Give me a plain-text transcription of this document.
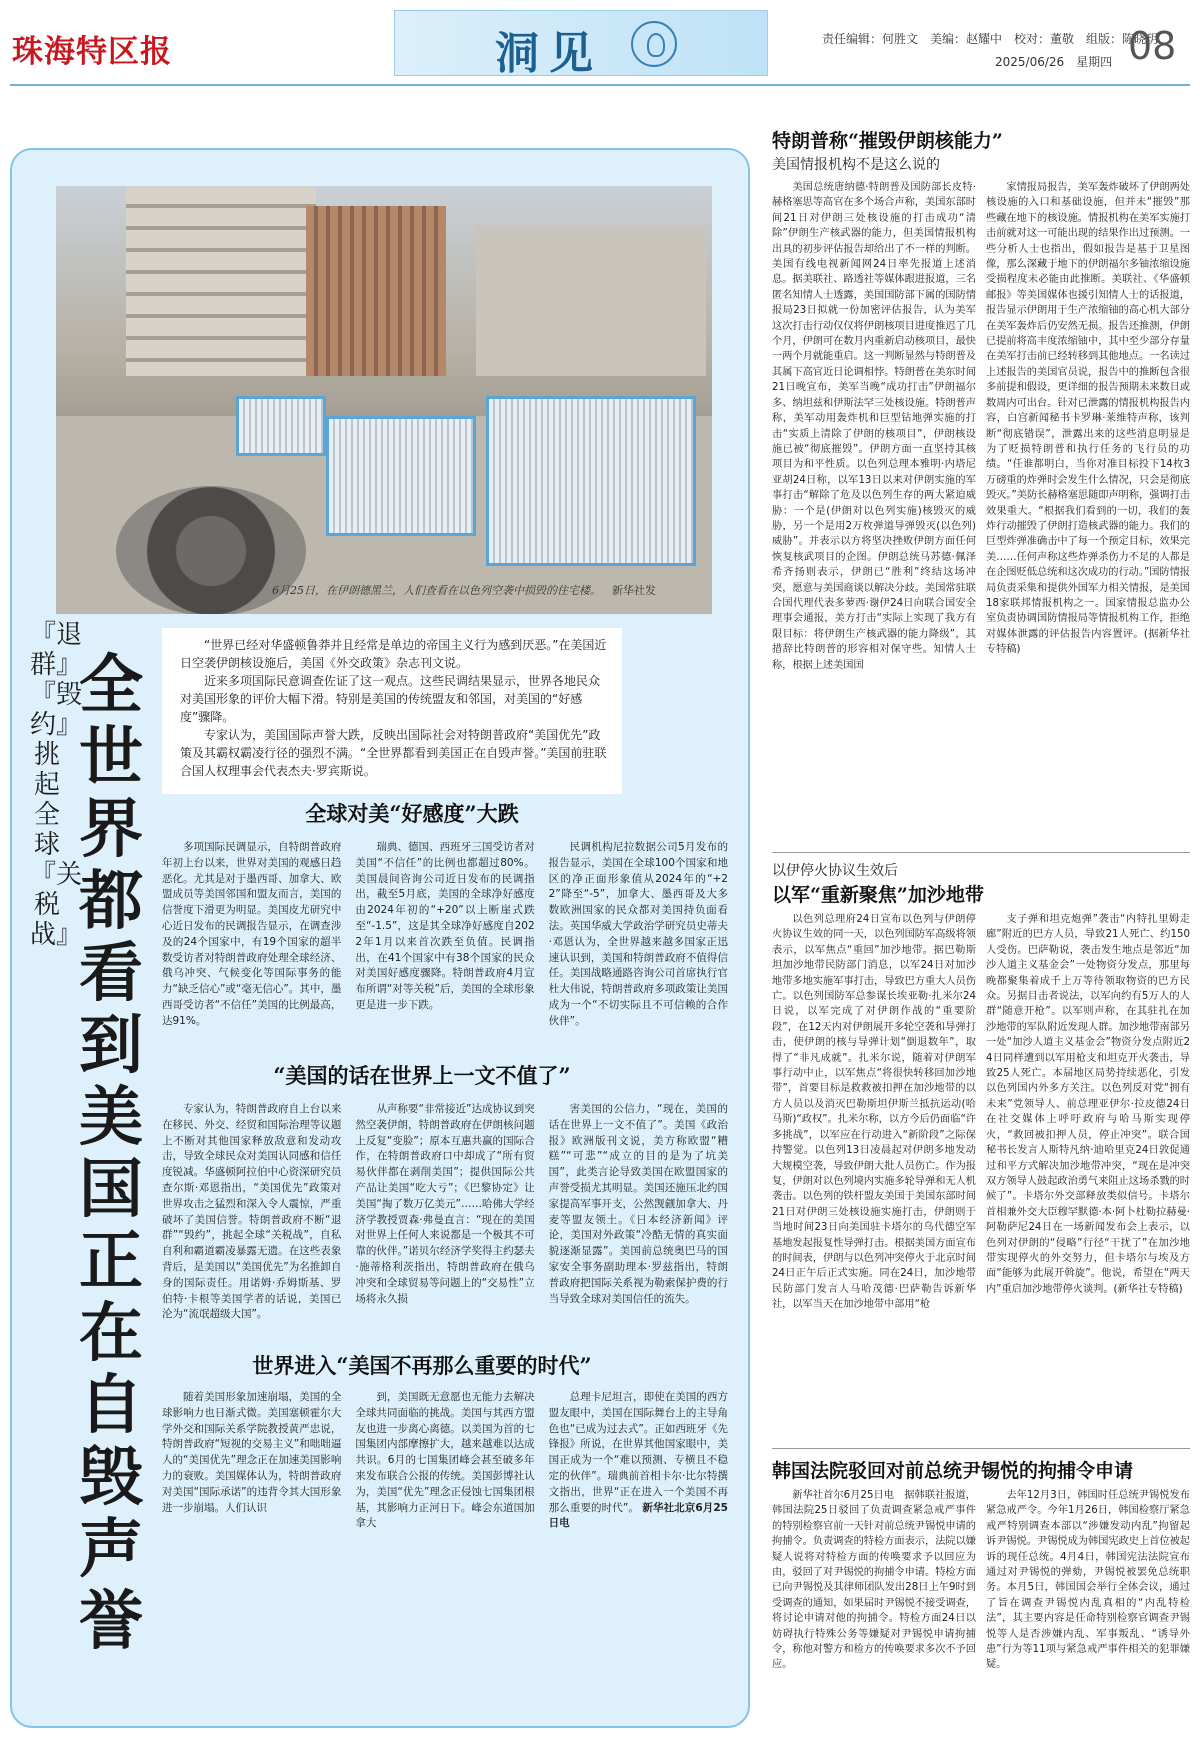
珠海特区报	洞见	责任编辑：何胜文　美编：赵耀中　校对：董敬　组版：陈晓玥
2025/06/26　星期四 08
6月25日，在伊朗德黑兰，人们查看在以色列空袭中损毁的住宅楼。 新华社发
『退群』『毁约』挑起全球『关税战』
全世界都看到美国正在自毁声誉

“世界已经对华盛顿鲁莽并且经常是单边的帝国主义行为感到厌恶。”在美国近日空袭伊朗核设施后，美国《外交政策》杂志刊文说。

近来多项国际民意调查佐证了这一观点。这些民调结果显示，世界各地民众对美国形象的评价大幅下滑。特别是美国的传统盟友和邻国，对美国的“好感度”骤降。

专家认为，美国国际声誉大跌，反映出国际社会对特朗普政府“美国优先”政策及其霸权霸凌行径的强烈不满。“全世界都看到美国正在自毁声誉。”美国前驻联合国人权理事会代表杰夫·罗宾斯说。

全球对美“好感度”大跌
多项国际民调显示，自特朗普政府年初上台以来，世界对美国的观感日趋恶化。尤其是对于墨西哥、加拿大、欧盟成员等美国邻国和盟友而言，美国的信誉度下滑更为明显。美国皮尤研究中心近日发布的民调报告显示，在调查涉及的24个国家中，有19个国家的超半数受访者对特朗普政府处理全球经济、俄乌冲突、气候变化等国际事务的能力“缺乏信心”或“毫无信心”。其中，墨西哥受访者“不信任”美国的比例最高，达91%。
瑞典、德国、西班牙三国受访者对美国“不信任”的比例也都超过80%。美国晨间咨询公司近日发布的民调指出，截至5月底，美国的全球净好感度由2024年初的“+20”以上断崖式跌至“-1.5”，这是其全球净好感度自2022年1月以来首次跌至负值。民调指出，在41个国家中有38个国家的民众对美国好感度骤降。特朗普政府4月宣布所谓“对等关税”后，美国的全球形象更是进一步下跌。
民调机构尼拉数据公司5月发布的报告显示，美国在全球100个国家和地区的净正面形象值从2024年的“+22”降至“-5”，加拿大、墨西哥及大多数欧洲国家的民众都对美国持负面看法。英国华威大学政治学研究员史蒂夫·邓恩认为，全世界越来越多国家正迅速认识到，美国和特朗普政府不值得信任。美国战略通路咨询公司首席执行官杜大伟说，特朗普政府多项政策让美国成为一个“不切实际且不可信赖的合作伙伴”。
“美国的话在世界上一文不值了”
专家认为，特朗普政府自上台以来在移民、外交、经贸和国际治理等议题上不断对其他国家释放敌意和发动攻击，导致全球民众对美国认同感和信任度锐减。华盛顿阿拉伯中心资深研究员查尔斯·邓恩指出，“美国优先”政策对世界攻击之猛烈和深入令人震惊，严重破坏了美国信誉。特朗普政府不断“退群”“毁约”，挑起全球“关税战”，自私自利和霸道霸凌暴露无遗。在这些表象背后，是美国以“美国优先”为名推卸自身的国际责任。用诺姆·乔姆斯基、罗伯特·卡根等美国学者的话说，美国已沦为“流氓超级大国”。
从声称要“非常接近”达成协议到突然空袭伊朗，特朗普政府在伊朗核问题上反复“变脸”；原本互惠共赢的国际合作，在特朗普政府口中却成了“所有贸易伙伴都在剥削美国”；提供国际公共产品让美国“吃大亏”；《巴黎协定》让美国“掏了数万亿美元”……哈佛大学经济学教授贾森·弗曼直言：“现在的美国对世界上任何人来说都是一个极其不可靠的伙伴。”诺贝尔经济学奖得主约瑟夫·施蒂格利茨指出，特朗普政府在俄乌冲突和全球贸易等问题上的“交易性”立场将永久损
害美国的公信力，“现在，美国的话在世界上一文不值了”。美国《政治报》欧洲版刊文说，美方称欧盟“糟糕”“可悲”“成立的目的是为了坑美国”，此类言论导致美国在欧盟国家的声誉受损尤其明显。美国还施压北约国家提高军事开支，公然觊觎加拿大、丹麦等盟友领土。《日本经济新闻》评论，美国对外政策“冷酷无情的真实面貌逐渐显露”。美国前总统奥巴马的国家安全事务副助理本·罗兹指出，特朗普政府把国际关系视为勒索保护费的行当导致全球对美国信任的流失。
世界进入“美国不再那么重要的时代”
随着美国形象加速崩塌，美国的全球影响力也日渐式微。美国塞顿霍尔大学外交和国际关系学院教授黄严忠说，特朗普政府“短视的交易主义”和咄咄逼人的“美国优先”理念正在加速美国影响力的衰败。美国媒体认为，特朗普政府对美国“国际承诺”的违背令其大国形象进一步崩塌。人们认识
到，美国既无意愿也无能力去解决全球共同面临的挑战。美国与其西方盟友也进一步离心离德。以美国为首的七国集团内部摩擦扩大，越来越难以达成共识。6月的七国集团峰会甚至破多年来发布联合公报的传统。美国彭博社认为，美国“优先”理念正侵蚀七国集团根基，其影响力正河日下。峰会东道国加拿大
总理卡尼坦言，即使在美国的西方盟友眼中，美国在国际舞台上的主导角色也“已成为过去式”。正如西班牙《先锋报》所说，在世界其他国家眼中，美国正成为一个“难以预测、专横且不稳定的伙伴”。瑞典前首相卡尔·比尔特撰文指出，世界“正在进入一个美国不再那么重要的时代”。 新华社北京6月25日电
特朗普称“摧毁伊朗核能力”
美国情报机构不是这么说的
美国总统唐纳德·特朗普及国防部长皮特·赫格塞思等高官在多个场合声称，美国东部时间21日对伊朗三处核设施的打击成功“清除”伊朗生产核武器的能力，但美国情报机构出具的初步评估报告却给出了不一样的判断。美国有线电视新闻网24日率先报道上述消息。据美联社、路透社等媒体跟进报道，三名匿名知情人士透露，美国国防部下属的国防情报局23日拟就一份加密评估报告，认为美军这次打击行动仅仅将伊朗核项目进度推迟了几个月，伊朗可在数月内重新启动核项目，最快一两个月就能重启。这一判断显然与特朗普及其属下高官近日论调相悖。特朗普在美东时间21日晚宣布，美军当晚“成功打击”伊朗福尔多、纳坦兹和伊斯法罕三处核设施。特朗普声称，美军动用轰炸机和巨型钻地弹实施的打击“实质上清除了伊朗的核项目”，伊朗核设施已被“彻底摧毁”。伊朗方面一直坚持其核项目为和平性质。以色列总理本雅明·内塔尼亚胡24日称，以军13日以来对伊朗实施的军事打击“解除了危及以色列生存的两大紧迫威胁：一个是(伊朗对以色列实施)核毁灭的威胁，另一个是用2万枚弹道导弹毁灭(以色列)威胁”。并表示以方将坚决挫败伊朗方面任何恢复核武项目的企图。伊朗总统马苏德·佩泽希齐扬则表示，伊朗已“胜利”终结这场冲突，愿意与美国商谈以解决分歧。美国常驻联合国代理代表多萝西·谢伊24日向联合国安全理事会通报，美方打击“实际上实现了我方有限目标：将伊朗生产核武器的能力降级”，其措辞比特朗普的形容相对保守些。知情人士称，根据上述美国国
家情报局报告，美军轰炸破坏了伊朗两处核设施的入口和基础设施，但并未“摧毁”那些藏在地下的核设施。情报机构在美军实施打击前就对这一可能出现的结果作出过预测。一些分析人士也指出，假如报告是基于卫星图像，那么深藏于地下的伊朗福尔多铀浓缩设施受损程度未必能由此推断。美联社、《华盛顿邮报》等美国媒体也援引知情人士的话报道，报告显示伊朗用于生产浓缩铀的高心机大部分在美军轰炸后仍安然无损。报告还推测，伊朗已提前将高丰度浓缩铀中，其中至少部分存量在美军打击前已经转移到其他地点。一名读过上述报告的美国官员说，报告中的推断包含很多前提和假设，更详细的报告预期未来数日或数周内可出台。针对已泄露的情报机构报告内容，白宫新闻秘书卡罗琳·莱维特声称，该判断“彻底错误”，泄露出来的这些消息明显是为了贬损特朗普和执行任务的飞行员的功绩。“任谁都明白，当你对准目标投下14枚3万磅重的炸弹时会发生什么情况，只会是彻底毁灭。”美防长赫格塞思随即声明称，强调打击效果重大。“根据我们看到的一切，我们的轰炸行动摧毁了伊朗打造核武器的能力。我们的巨型炸弹准确击中了每一个预定目标，效果完美……任何声称这些炸弹杀伤力不足的人都是在企图贬低总统和这次成功的行动。”国防情报局负责采集和提供外国军力相关情报，是美国18家联邦情报机构之一。国家情报总监办公室负责协调国防情报局等情报机构工作，拒绝对媒体泄露的评估报告内容置评。(据新华社专特稿)
以伊停火协议生效后
以军“重新聚焦”加沙地带
以色列总理府24日宣布以色列与伊朗停火协议生效的同一天，以色列国防军高级将领表示，以军焦点“重回”加沙地带。据巴勒斯坦加沙地带民防部门消息，以军24日对加沙地带多地实施军事打击，导致巴方重大人员伤亡。以色列国防军总参谋长埃亚勒·扎米尔24日说，以军完成了对伊朗作战的“重要阶段”，在12天内对伊朗展开多轮空袭和导弹打击，使伊朗的核与导弹计划“倒退数年”，取得了“非凡成就”。扎米尔说，随着对伊朗军事行动中止，以军焦点“将很快转移回加沙地带”，首要目标是救救被扣押在加沙地带的以方人员以及消灭巴勒斯坦伊斯兰抵抗运动(哈马斯)“政权”。扎米尔称，以方今后仍面临“许多挑战”，以军应在行动进入“新阶段”之际保持警觉。以色列13日凌晨起对伊朗多地发动大规模空袭，导致伊朗大批人员伤亡。作为报复，伊朗对以色列境内实施多轮导弹和无人机袭击。以色列的铁杆盟友美国于美国东部时间21日对伊朗三处核设施实施打击，伊朗则于当地时间23日向美国驻卡塔尔的乌代德空军基地发起报复性导弹打击。根据美国方面宣布的时间表，伊朗与以色列冲突停火于北京时间24日正午后正式实施。同在24日，加沙地带民防部门发言人马哈茂德·巴萨勒告诉新华社，以军当天在加沙地带中部用“枪
支子弹和坦克炮弹”袭击“内特扎里姆走廊”附近的巴方人员，导致21人死亡、约150人受伤。巴萨勒说，袭击发生地点是邻近“加沙人道主义基金会”一处物资分发点，那里每晚都聚集着成千上万等待领取物资的巴方民众。另据目击者说法，以军向约有5万人的人群“随意开枪”。以军则声称，在其驻扎在加沙地带的军队附近发现人群。加沙地带南部另一处“加沙人道主义基金会”物资分发点附近24日同样遭到以军用枪支和坦克开火袭击，导致25人死亡。本届地区局势持续恶化，引发以色列国内外多方关注。以色列反对党“拥有未来”党领导人、前总理亚伊尔·拉皮德24日在社交媒体上呼吁政府与哈马斯实现停火，“救回被扣押人员，停止冲突”。联合国秘书长发言人斯特凡纳·迪哈里克24日敦促通过和平方式解决加沙地带冲突，“现在是冲突双方领导人鼓起政治勇气来阻止这场杀戮的时候了”。卡塔尔外交部释放类似信号。卡塔尔首相兼外交大臣穆罕默德·本·阿卜杜勒拉赫曼·阿勒萨尼24日在一场新闻发布会上表示，以色列对伊朗的“侵略”行径“干扰了”在加沙地带实现停火的外交努力，但卡塔尔与埃及方面“能够为此展开斡旋”。他说，希望在“两天内”重启加沙地带停火谈判。(新华社专特稿)
韩国法院驳回对前总统尹锡悦的拘捕令申请
新华社首尔6月25日电　据韩联社报道，韩国法院25日驳回了负责调查紧急戒严事件的特别检察官前一天针对前总统尹锡悦申请的拘捕令。负责调查的特检方面表示，法院以嫌疑人说将对特检方面的传唤要求予以回应为由，驳回了对尹锡悦的拘捕令申请。特检方面已向尹锡悦及其律师团队发出28日上午9时到受调查的通知，如果届时尹锡悦不接受调查，将讨论申请对他的拘捕令。特检方面24日以妨碍执行特殊公务等嫌疑对尹锡悦申请拘捕令，称他对警方和检方的传唤要求多次不予回应。
去年12月3日，韩国时任总统尹锡悦发布紧急戒严令。今年1月26日，韩国检察厅紧急戒严特别调查本部以“涉嫌发动内乱”拘留起诉尹锡悦。尹锡悦成为韩国宪政史上首位被起诉的现任总统。4月4日，韩国宪法法院宣布通过对尹锡悦的弹劾，尹锡悦被罢免总统职务。本月5日，韩国国会举行全体会议，通过了旨在调查尹锡悦内乱真相的“内乱特检法”，其主要内容是任命特别检察官调查尹锡悦等人是否涉嫌内乱、军事叛乱、“诱导外患”行为等11项与紧急戒严事件相关的犯罪嫌疑。
